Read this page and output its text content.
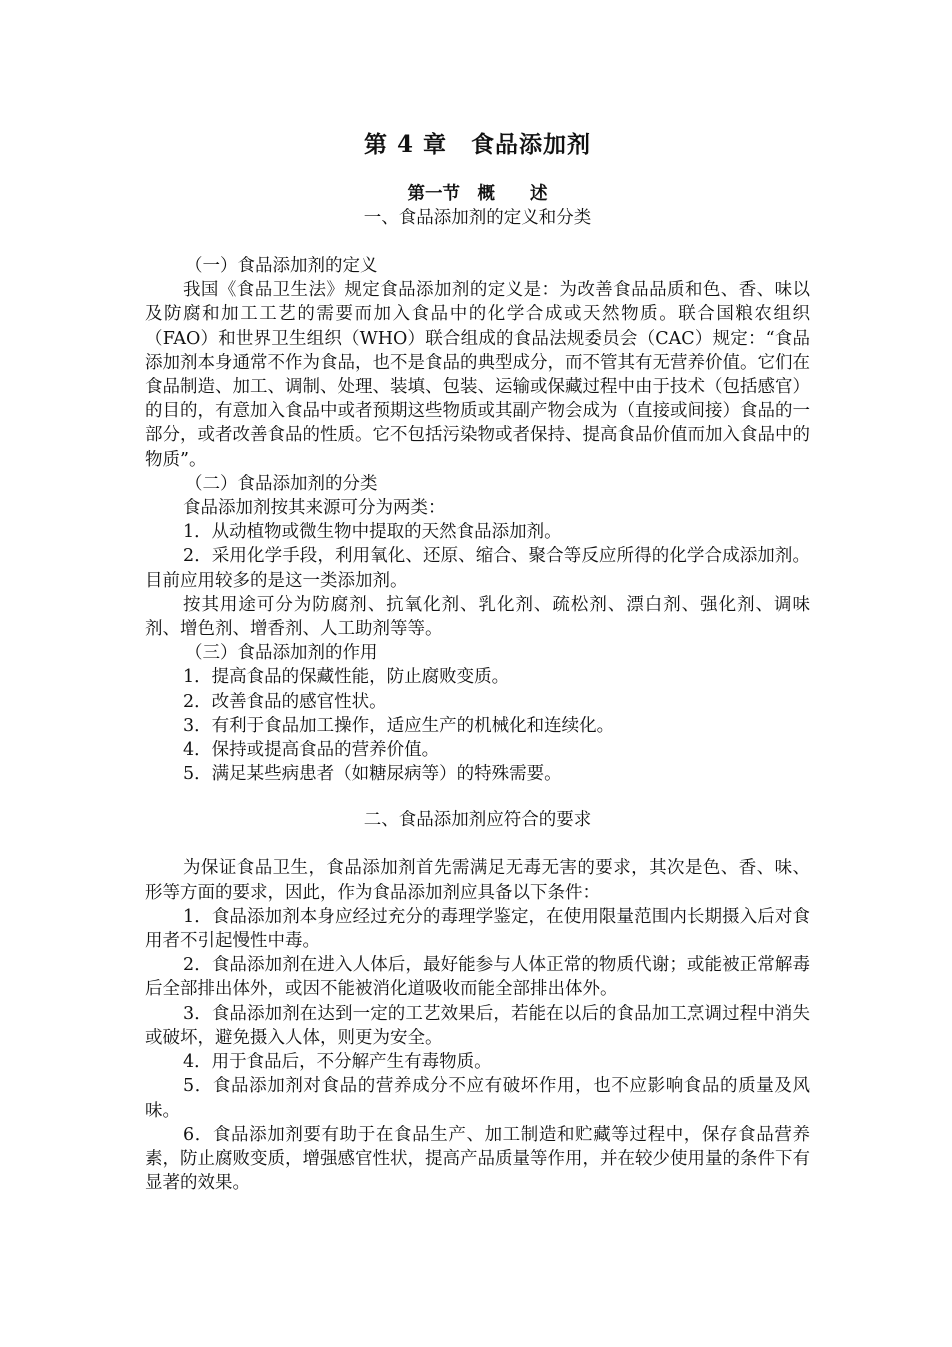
第 4 章　食品添加剂
第一节　概　　述
一、食品添加剂的定义和分类
（一）食品添加剂的定义

我国《食品卫生法》规定食品添加剂的定义是：为改善食品品质和色、香、味以及防腐和加工工艺的需要而加入食品中的化学合成或天然物质。联合国粮农组织（FAO）和世界卫生组织（WHO）联合组成的食品法规委员会（CAC）规定：“食品添加剂本身通常不作为食品，也不是食品的典型成分，而不管其有无营养价值。它们在食品制造、加工、调制、处理、装填、包装、运输或保藏过程中由于技术（包括感官）的目的，有意加入食品中或者预期这些物质或其副产物会成为（直接或间接）食品的一部分，或者改善食品的性质。它不包括污染物或者保持、提高食品价值而加入食品中的物质”。

（二）食品添加剂的分类

食品添加剂按其来源可分为两类：

1．从动植物或微生物中提取的天然食品添加剂。

2．采用化学手段，利用氧化、还原、缩合、聚合等反应所得的化学合成添加剂。目前应用较多的是这一类添加剂。

按其用途可分为防腐剂、抗氧化剂、乳化剂、疏松剂、漂白剂、强化剂、调味剂、增色剂、增香剂、人工助剂等等。

（三）食品添加剂的作用

1．提高食品的保藏性能，防止腐败变质。

2．改善食品的感官性状。

3．有利于食品加工操作，适应生产的机械化和连续化。

4．保持或提高食品的营养价值。

5．满足某些病患者（如糖尿病等）的特殊需要。

二、食品添加剂应符合的要求

为保证食品卫生，食品添加剂首先需满足无毒无害的要求，其次是色、香、味、形等方面的要求，因此，作为食品添加剂应具备以下条件：

1．食品添加剂本身应经过充分的毒理学鉴定，在使用限量范围内长期摄入后对食用者不引起慢性中毒。

2．食品添加剂在进入人体后，最好能参与人体正常的物质代谢；或能被正常解毒后全部排出体外，或因不能被消化道吸收而能全部排出体外。

3．食品添加剂在达到一定的工艺效果后，若能在以后的食品加工烹调过程中消失或破坏，避免摄入人体，则更为安全。

4．用于食品后，不分解产生有毒物质。

5．食品添加剂对食品的营养成分不应有破坏作用，也不应影响食品的质量及风味。

6．食品添加剂要有助于在食品生产、加工制造和贮藏等过程中，保存食品营养素，防止腐败变质，增强感官性状，提高产品质量等作用，并在较少使用量的条件下有显著的效果。
